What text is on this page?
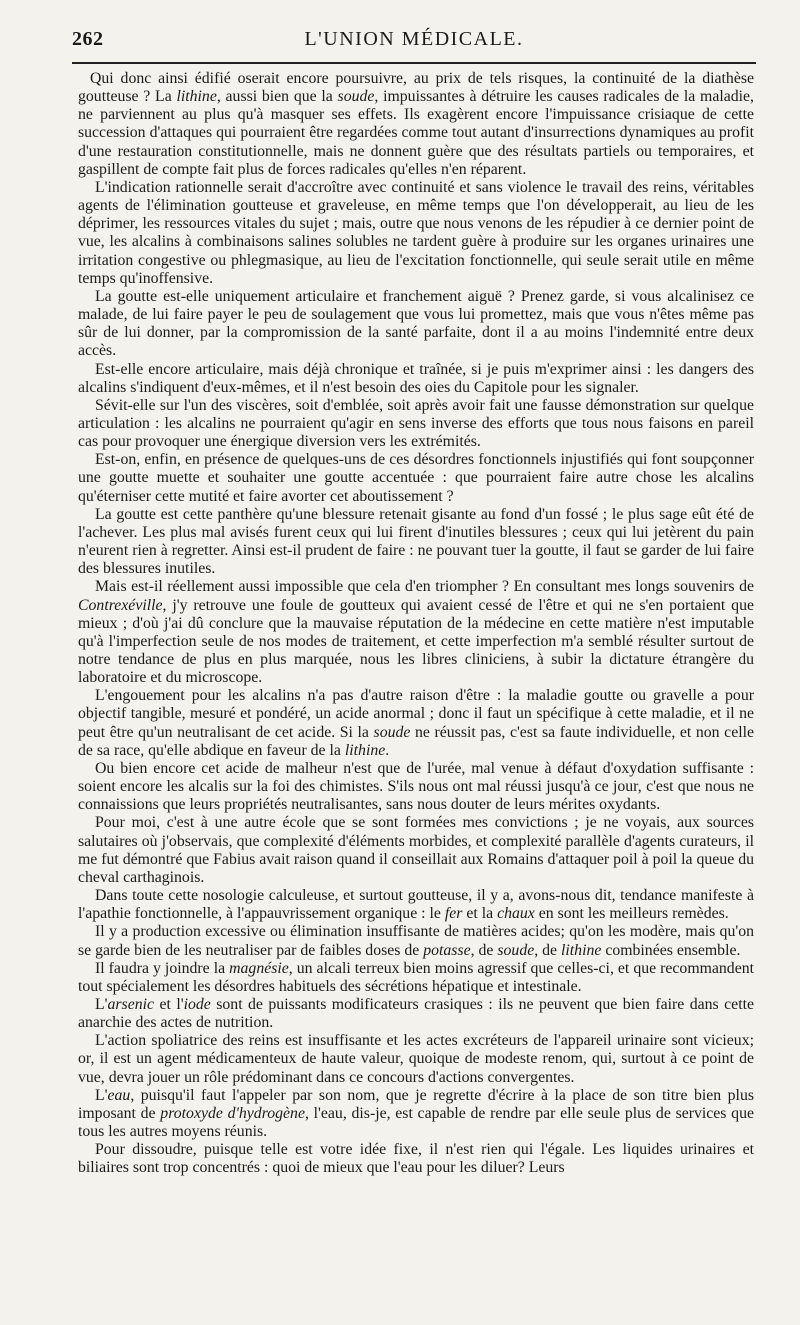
262	L'UNION MÉDICALE.

Qui donc ainsi édifié oserait encore poursuivre, au prix de tels risques, la continuité de la diathèse goutteuse ? La lithine, aussi bien que la soude, impuissantes à détruire les causes radicales de la maladie, ne parviennent au plus qu'à masquer ses effets. Ils exagèrent encore l'impuissance crisiaque de cette succession d'attaques qui pourraient être regardées comme tout autant d'insurrections dynamiques au profit d'une restauration constitutionnelle, mais ne donnent guère que des résultats partiels ou temporaires, et gaspillent de compte fait plus de forces radicales qu'elles n'en réparent.

L'indication rationnelle serait d'accroître avec continuité et sans violence le travail des reins, véritables agents de l'élimination goutteuse et graveleuse, en même temps que l'on développerait, au lieu de les déprimer, les ressources vitales du sujet ; mais, outre que nous venons de les répudier à ce dernier point de vue, les alcalins à combinaisons salines solubles ne tardent guère à produire sur les organes urinaires une irritation congestive ou phlegmasique, au lieu de l'excitation fonctionnelle, qui seule serait utile en même temps qu'inoffensive.

La goutte est-elle uniquement articulaire et franchement aiguë ? Prenez garde, si vous alcalinisez ce malade, de lui faire payer le peu de soulagement que vous lui promettez, mais que vous n'êtes même pas sûr de lui donner, par la compromission de la santé parfaite, dont il a au moins l'indemnité entre deux accès.

Est-elle encore articulaire, mais déjà chronique et traînée, si je puis m'exprimer ainsi : les dangers des alcalins s'indiquent d'eux-mêmes, et il n'est besoin des oies du Capitole pour les signaler.

Sévit-elle sur l'un des viscères, soit d'emblée, soit après avoir fait une fausse démonstration sur quelque articulation : les alcalins ne pourraient qu'agir en sens inverse des efforts que tous nous faisons en pareil cas pour provoquer une énergique diversion vers les extrémités.

Est-on, enfin, en présence de quelques-uns de ces désordres fonctionnels injustifiés qui font soupçonner une goutte muette et souhaiter une goutte accentuée : que pourraient faire autre chose les alcalins qu'éterniser cette mutité et faire avorter cet aboutissement ?

La goutte est cette panthère qu'une blessure retenait gisante au fond d'un fossé ; le plus sage eût été de l'achever. Les plus mal avisés furent ceux qui lui firent d'inutiles blessures ; ceux qui lui jetèrent du pain n'eurent rien à regretter. Ainsi est-il prudent de faire : ne pouvant tuer la goutte, il faut se garder de lui faire des blessures inutiles.

Mais est-il réellement aussi impossible que cela d'en triompher ? En consultant mes longs souvenirs de Contrexéville, j'y retrouve une foule de goutteux qui avaient cessé de l'être et qui ne s'en portaient que mieux ; d'où j'ai dû conclure que la mauvaise réputation de la médecine en cette matière n'est imputable qu'à l'imperfection seule de nos modes de traitement, et cette imperfection m'a semblé résulter surtout de notre tendance de plus en plus marquée, nous les libres cliniciens, à subir la dictature étrangère du laboratoire et du microscope.

L'engouement pour les alcalins n'a pas d'autre raison d'être : la maladie goutte ou gravelle a pour objectif tangible, mesuré et pondéré, un acide anormal ; donc il faut un spécifique à cette maladie, et il ne peut être qu'un neutralisant de cet acide. Si la soude ne réussit pas, c'est sa faute individuelle, et non celle de sa race, qu'elle abdique en faveur de la lithine.

Ou bien encore cet acide de malheur n'est que de l'urée, mal venue à défaut d'oxydation suffisante : soient encore les alcalis sur la foi des chimistes. S'ils nous ont mal réussi jusqu'à ce jour, c'est que nous ne connaissions que leurs propriétés neutralisantes, sans nous douter de leurs mérites oxydants.

Pour moi, c'est à une autre école que se sont formées mes convictions ; je ne voyais, aux sources salutaires où j'observais, que complexité d'éléments morbides, et complexité parallèle d'agents curateurs, il me fut démontré que Fabius avait raison quand il conseillait aux Romains d'attaquer poil à poil la queue du cheval carthaginois.

Dans toute cette nosologie calculeuse, et surtout goutteuse, il y a, avons-nous dit, tendance manifeste à l'apathie fonctionnelle, à l'appauvrissement organique : le fer et la chaux en sont les meilleurs remèdes.

Il y a production excessive ou élimination insuffisante de matières acides; qu'on les modère, mais qu'on se garde bien de les neutraliser par de faibles doses de potasse, de soude, de lithine combinées ensemble.

Il faudra y joindre la magnésie, un alcali terreux bien moins agressif que celles-ci, et que recommandent tout spécialement les désordres habituels des sécrétions hépatique et intestinale.

L'arsenic et l'iode sont de puissants modificateurs crasiques : ils ne peuvent que bien faire dans cette anarchie des actes de nutrition.

L'action spoliatrice des reins est insuffisante et les actes excréteurs de l'appareil urinaire sont vicieux; or, il est un agent médicamenteux de haute valeur, quoique de modeste renom, qui, surtout à ce point de vue, devra jouer un rôle prédominant dans ce concours d'actions convergentes.

L'eau, puisqu'il faut l'appeler par son nom, que je regrette d'écrire à la place de son titre bien plus imposant de protoxyde d'hydrogène, l'eau, dis-je, est capable de rendre par elle seule plus de services que tous les autres moyens réunis.

Pour dissoudre, puisque telle est votre idée fixe, il n'est rien qui l'égale. Les liquides urinaires et biliaires sont trop concentrés : quoi de mieux que l'eau pour les diluer? Leurs
